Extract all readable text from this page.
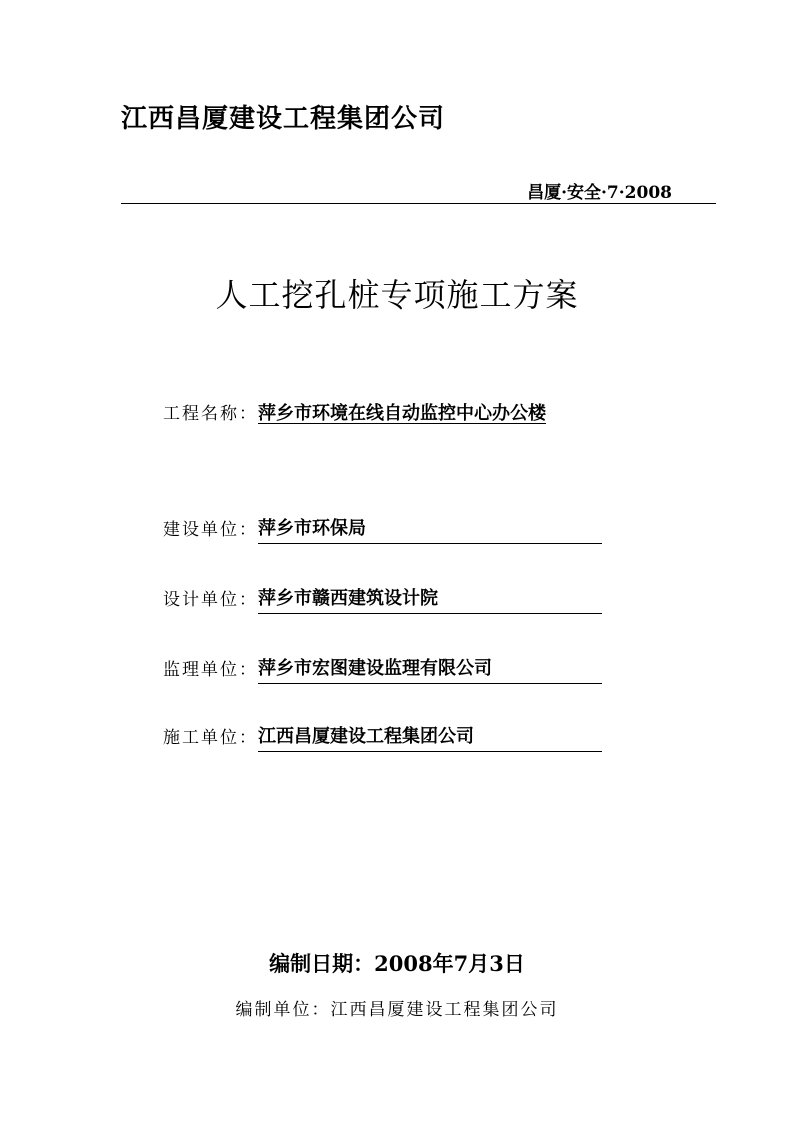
江西昌厦建设工程集团公司
昌厦·安全·7·2008
人工挖孔桩专项施工方案
工程名称： 萍乡市环境在线自动监控中心办公楼
建设单位： 萍乡市环保局
设计单位： 萍乡市赣西建筑设计院
监理单位： 萍乡市宏图建设监理有限公司
施工单位： 江西昌厦建设工程集团公司
编制日期：2008年7月3日
编制单位：江西昌厦建设工程集团公司
